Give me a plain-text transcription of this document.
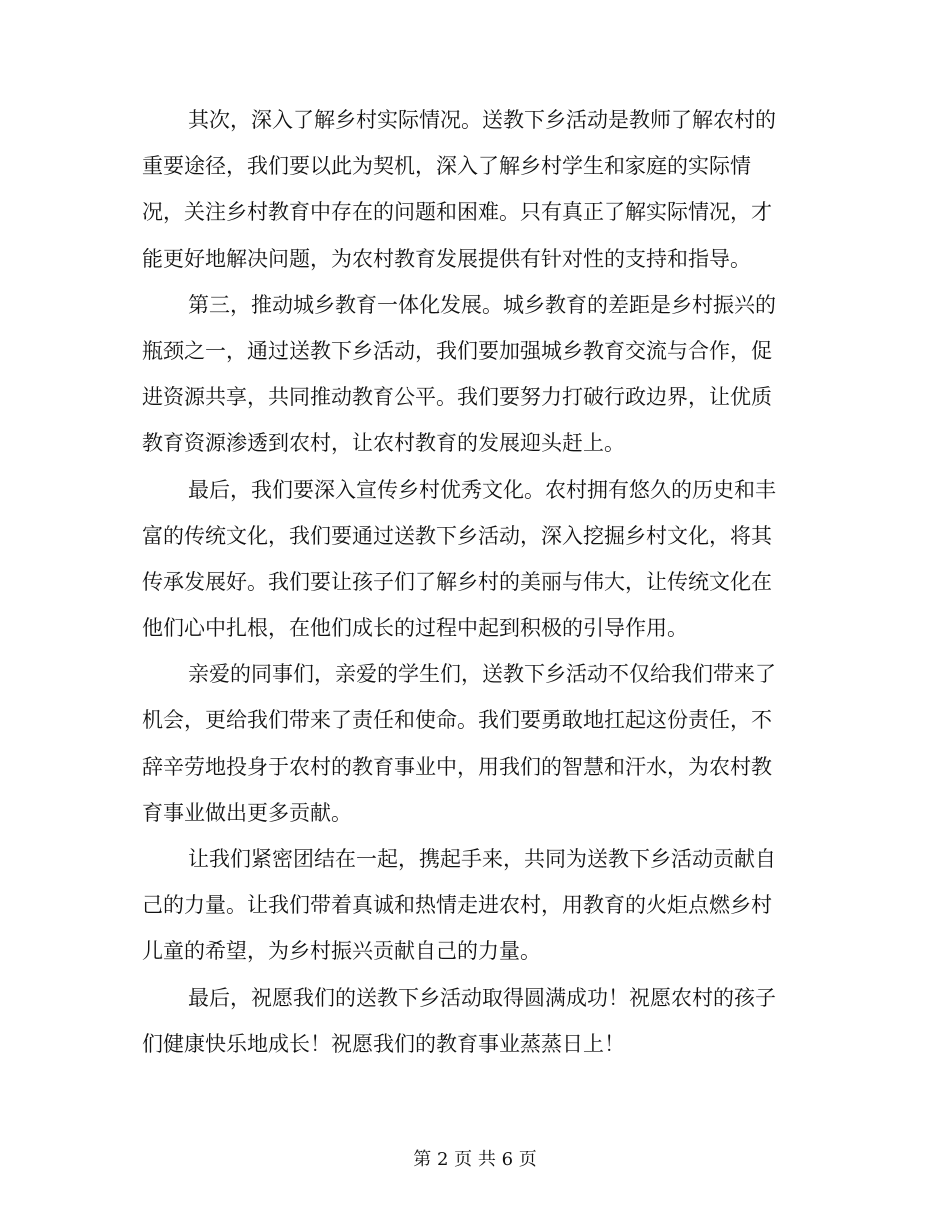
其次，深入了解乡村实际情况。送教下乡活动是教师了解农村的
重要途径，我们要以此为契机，深入了解乡村学生和家庭的实际情
况，关注乡村教育中存在的问题和困难。只有真正了解实际情况，才
能更好地解决问题，为农村教育发展提供有针对性的支持和指导。
第三，推动城乡教育一体化发展。城乡教育的差距是乡村振兴的
瓶颈之一，通过送教下乡活动，我们要加强城乡教育交流与合作，促
进资源共享，共同推动教育公平。我们要努力打破行政边界，让优质
教育资源渗透到农村，让农村教育的发展迎头赶上。
最后，我们要深入宣传乡村优秀文化。农村拥有悠久的历史和丰
富的传统文化，我们要通过送教下乡活动，深入挖掘乡村文化，将其
传承发展好。我们要让孩子们了解乡村的美丽与伟大，让传统文化在
他们心中扎根，在他们成长的过程中起到积极的引导作用。
亲爱的同事们，亲爱的学生们，送教下乡活动不仅给我们带来了
机会，更给我们带来了责任和使命。我们要勇敢地扛起这份责任，不
辞辛劳地投身于农村的教育事业中，用我们的智慧和汗水，为农村教
育事业做出更多贡献。
让我们紧密团结在一起，携起手来，共同为送教下乡活动贡献自
己的力量。让我们带着真诚和热情走进农村，用教育的火炬点燃乡村
儿童的希望，为乡村振兴贡献自己的力量。
最后，祝愿我们的送教下乡活动取得圆满成功！祝愿农村的孩子
们健康快乐地成长！祝愿我们的教育事业蒸蒸日上！
第 2 页 共 6 页
